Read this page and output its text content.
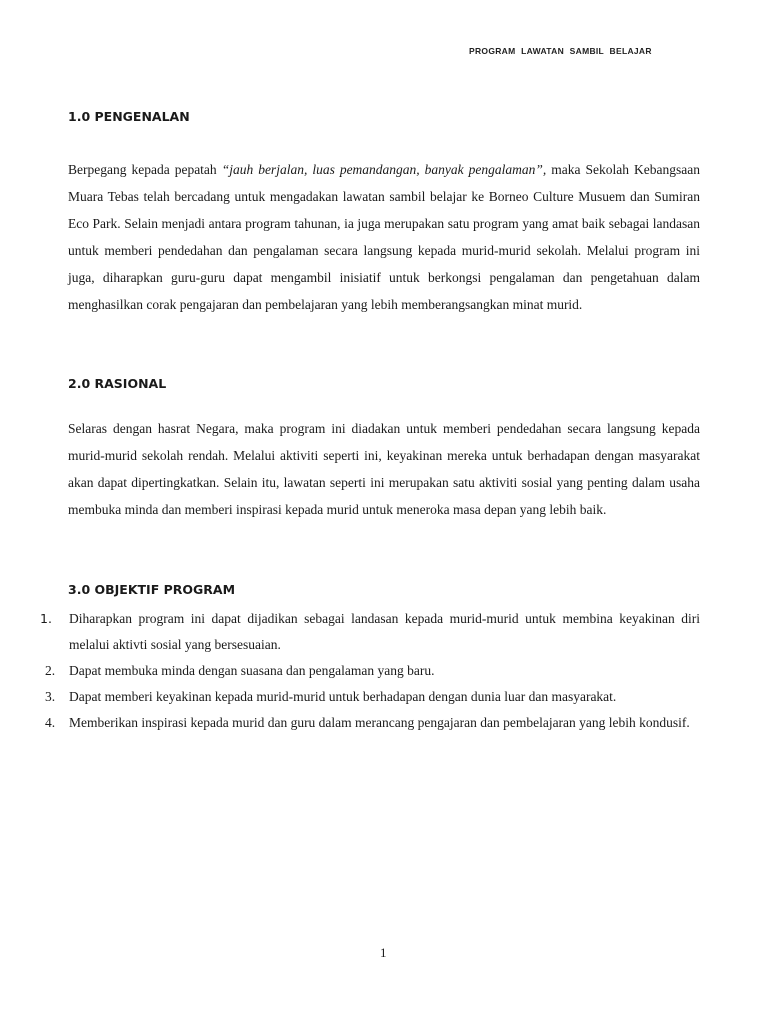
PROGRAM LAWATAN SAMBIL BELAJAR
1.0 PENGENALAN

Berpegang kepada pepatah “jauh berjalan, luas pemandangan, banyak pengalaman”, maka Sekolah Kebangsaan Muara Tebas telah bercadang untuk mengadakan lawatan sambil belajar ke Borneo Culture Musuem dan Sumiran Eco Park. Selain menjadi antara program tahunan, ia juga merupakan satu program yang amat baik sebagai landasan untuk memberi pendedahan dan pengalaman secara langsung kepada murid-murid sekolah. Melalui program ini juga, diharapkan guru-guru dapat mengambil inisiatif untuk berkongsi pengalaman dan pengetahuan dalam menghasilkan corak pengajaran dan pembelajaran yang lebih memberangsangkan minat murid.

2.0 RASIONAL

Selaras dengan hasrat Negara, maka program ini diadakan untuk memberi pendedahan secara langsung kepada murid-murid sekolah rendah. Melalui aktiviti seperti ini, keyakinan mereka untuk berhadapan dengan masyarakat akan dapat dipertingkatkan. Selain itu, lawatan seperti ini merupakan satu aktiviti sosial yang penting dalam usaha membuka minda dan memberi inspirasi kepada murid untuk meneroka masa depan yang lebih baik.

3.0 OBJEKTIF PROGRAM
1. Diharapkan program ini dapat dijadikan sebagai landasan kepada murid-murid untuk membina keyakinan diri melalui aktivti sosial yang bersesuaian.
2. Dapat membuka minda dengan suasana dan pengalaman yang baru.
3. Dapat memberi keyakinan kepada murid-murid untuk berhadapan dengan dunia luar dan masyarakat.
4. Memberikan inspirasi kepada murid dan guru dalam merancang pengajaran dan pembelajaran yang lebih kondusif.
1
